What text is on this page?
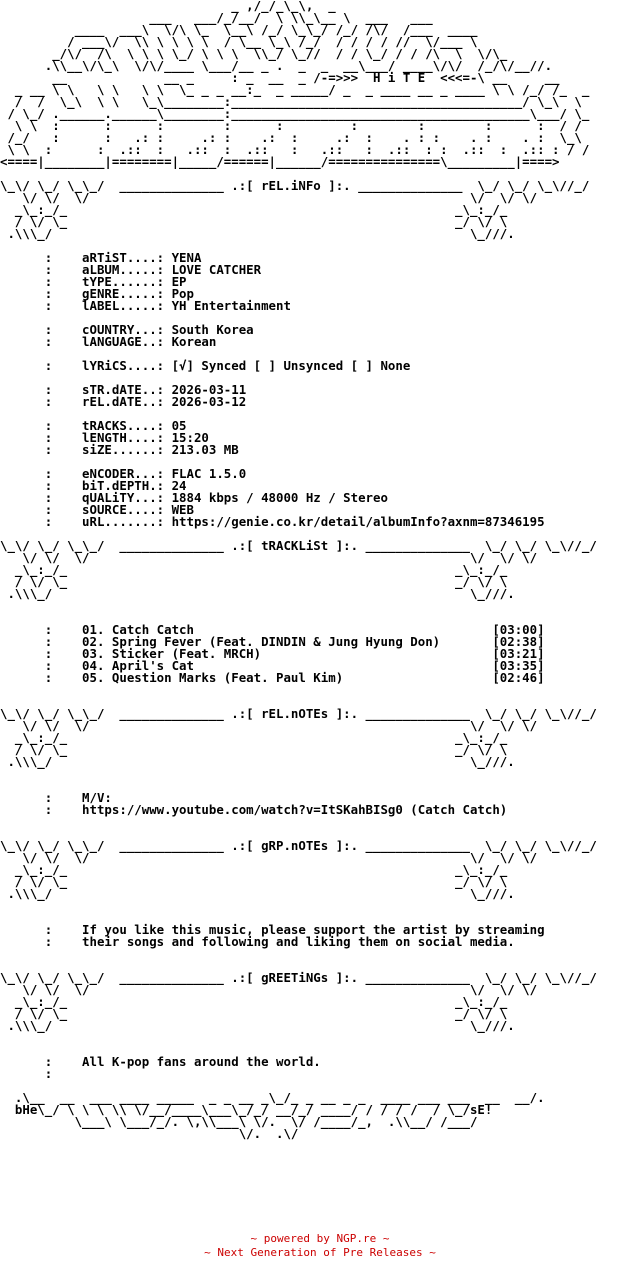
_ ,/_/_\_\,  _
___   ___/_/__/  \ \\_\__ \  ___   ___
____  ___\  \/\ \_  \__\ /_/ \_\_/ /_/ /\/  /___  ____
/ ___\/  \\ \ \ \ \  / \__ \_\ /_/  / / / / //  \/___ \
_/\/  /\  \ \ \ \_/ \ \ \  \\_/ \_//  / / \_/ / / /\  \  \/\_
.\\__\/\_\  \/\/____ \___/__ _ .  _  _  __\___/ ____\/\/  /_/\/__//.
__             __ _     : _  __  _ /-=>>>  H i T E  <<<=-\ __     __
_ __ \ \   \ \   \ \  \_ _ _ __:_  _ _____/ _  _ ____ __ _ ____ \ \ /_/ /_  _
/  /  \_\  \ \   \_\________:_______________________________________/ \_\  \
/ \_/ .______.______\________:________________________________________\___/ \_
\ \  :      :      :        :      :         :        :        :      :  / /
/_/   :      :   .: :     .: :    .:  :     .:  :    . : :    . :    . :  \_\
\ \  :      :  .::  :   .::  :  .::   :   .::   :  .::  : :  .::  :  .:: : / /
<====|________|========|_____/======|______/===============\_________|====>

\_\/ \_/ \_\_/  ______________ .:[ rEL.iNFo ]:. ______________  \_/ \_/ \_\//_/
\/ \/  \/                                                   \/  \/ \/
_\_:_/_                                                    _\_:_/_
/ \/ \_                                                    _/ \/ \
.\\\_/                                                        \_///.

:    aRTiST....: YENA
:    aLBUM.....: LOVE CATCHER
:    tYPE......: EP
:    gENRE.....: Pop
:    lABEL.....: YH Entertainment

:    cOUNTRY...: South Korea
:    lANGUAGE..: Korean

:    lYRiCS....: [√] Synced [ ] Unsynced [ ] None

:    sTR.dATE..: 2026-03-11
:    rEL.dATE..: 2026-03-12

:    tRACKS....: 05
:    lENGTH....: 15:20
:    siZE......: 213.03 MB

:    eNCODER...: FLAC 1.5.0
:    biT.dEPTH.: 24
:    qUALiTY...: 1884 kbps / 48000 Hz / Stereo
:    sOURCE....: WEB
:    uRL.......: https://genie.co.kr/detail/albumInfo?axnm=87346195

\_\/ \_/ \_\_/  ______________ .:[ tRACKLiSt ]:. ______________  \_/ \_/ \_\//_/
\/ \/  \/                                                   \/  \/ \/
_\_:_/_                                                    _\_:_/_
/ \/ \_                                                    _/ \/ \
.\\\_/                                                        \_///.

:    01. Catch Catch                                        [03:00]
:    02. Spring Fever (Feat. DINDIN & Jung Hyung Don)       [02:38]
:    03. Sticker (Feat. MRCH)                               [03:21]
:    04. April's Cat                                        [03:35]
:    05. Question Marks (Feat. Paul Kim)                    [02:46]

\_\/ \_/ \_\_/  ______________ .:[ rEL.nOTEs ]:. ______________  \_/ \_/ \_\//_/
\/ \/  \/                                                   \/  \/ \/
_\_:_/_                                                    _\_:_/_
/ \/ \_                                                    _/ \/ \
.\\\_/                                                        \_///.

:    M/V:
:    https://www.youtube.com/watch?v=ItSKahBISg0 (Catch Catch)

\_\/ \_/ \_\_/  ______________ .:[ gRP.nOTEs ]:. ______________  \_/ \_/ \_\//_/
\/ \/  \/                                                   \/  \/ \/
_\_:_/_                                                    _\_:_/_
/ \/ \_                                                    _/ \/ \
.\\\_/                                                        \_///.

:    If you like this music, please support the artist by streaming
:    their songs and following and liking them on social media.

\_\/ \_/ \_\_/  ______________ .:[ gREETiNGs ]:. ______________  \_/ \_/ \_\//_/
\/ \/  \/                                                   \/  \/ \/
_\_:_/_                                                    _\_:_/_
/ \/ \_                                                    _/ \/ \
.\\\_/                                                        \_///.

:    All K-pop fans around the world.
:

.\__  __  ___ ____ _____  _ _ __ _\_/_ _ __ _ _  ____ ___ ___  __  __/.
bHe\_/ \ \ \ \\ \/__/____\___\_/_/ __/_/ ____/ / / / /  / \_/sE!
\___\ \___/_/. \,\\___\ \/.  \/ /____/_,  .\\__/ /___/
\/.  .\/
~ powered by NGP.re ~
~ Next Generation of Pre Releases ~
